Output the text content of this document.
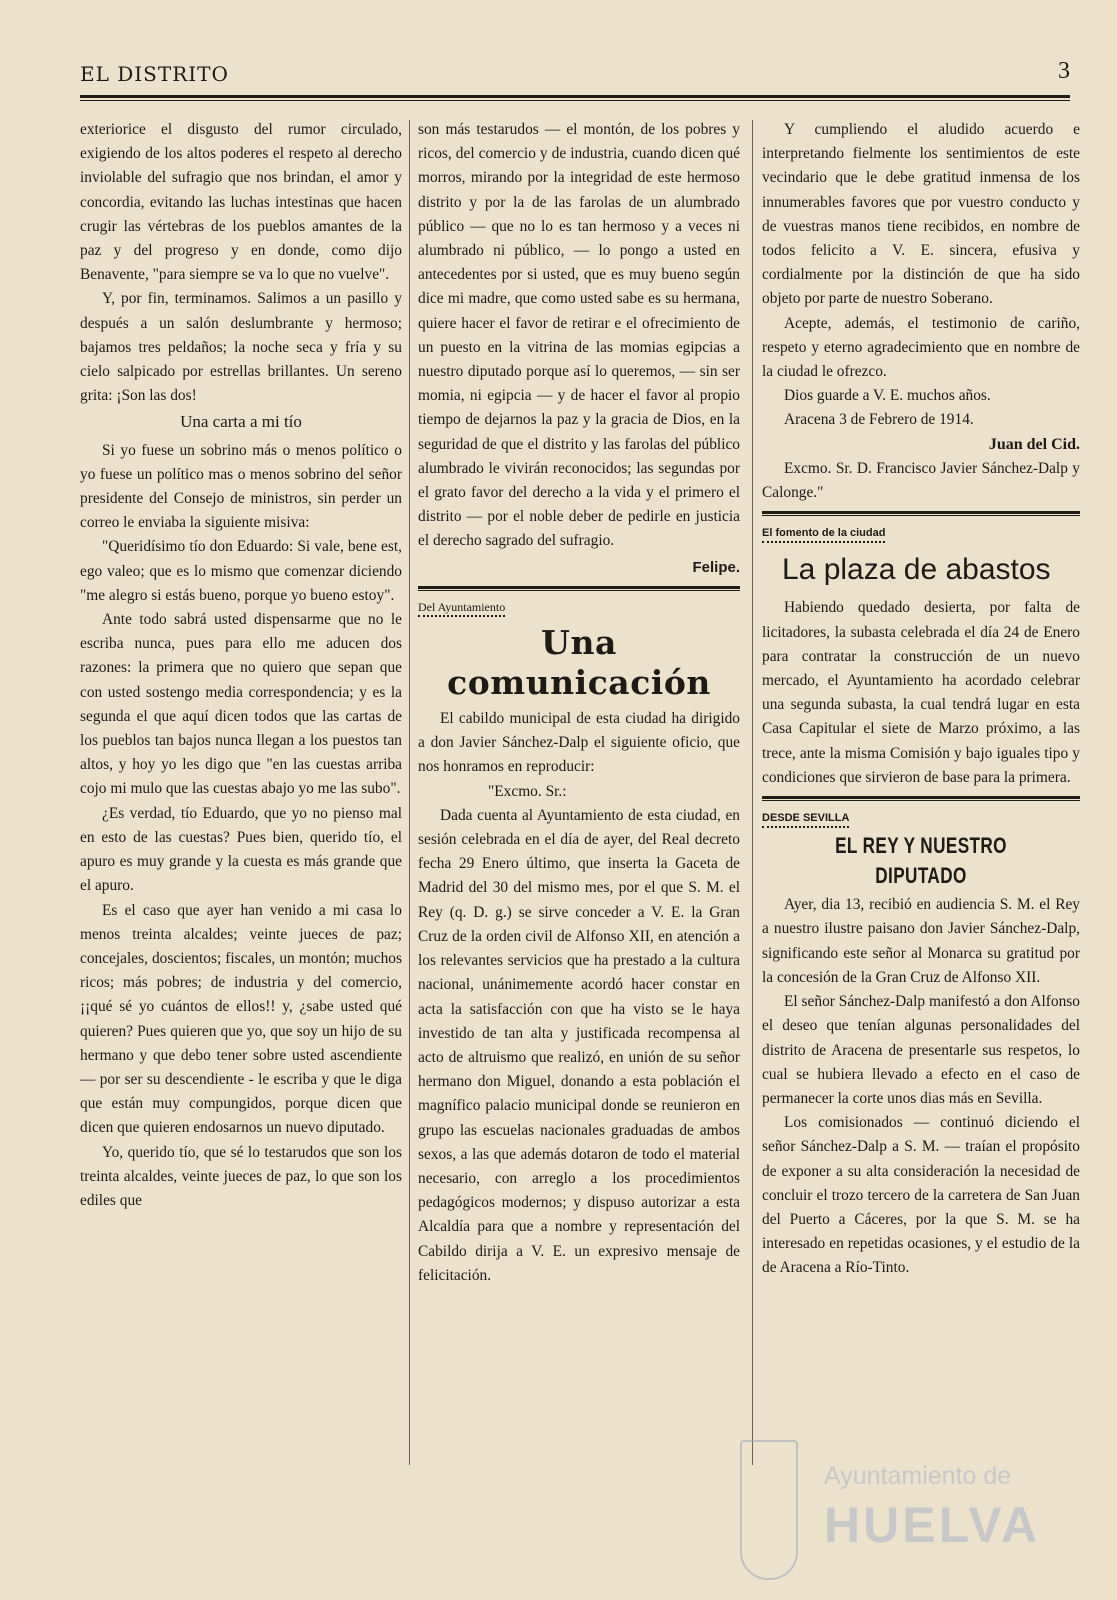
EL DISTRITO	3

exteriorice el disgusto del rumor circulado, exigiendo de los altos poderes el respeto al derecho inviolable del sufragio que nos brindan, el amor y concordia, evitando las luchas intestinas que hacen crugir las vértebras de los pueblos amantes de la paz y del progreso y en donde, como dijo Benavente, "para siempre se va lo que no vuelve".

Y, por fin, terminamos. Salimos a un pasillo y después a un salón deslumbrante y hermoso; bajamos tres peldaños; la noche seca y fría y su cielo salpicado por estrellas brillantes. Un sereno grita: ¡Son las dos!

Una carta a mi tío

Si yo fuese un sobrino más o menos político o yo fuese un político mas o menos sobrino del señor presidente del Consejo de ministros, sin perder un correo le enviaba la siguiente misiva:

"Queridísimo tío don Eduardo: Si vale, bene est, ego valeo; que es lo mismo que comenzar diciendo "me alegro si estás bueno, porque yo bueno estoy".

Ante todo sabrá usted dispensarme que no le escriba nunca, pues para ello me aducen dos razones: la primera que no quiero que sepan que con usted sostengo media correspondencia; y es la segunda el que aquí dicen todos que las cartas de los pueblos tan bajos nunca llegan a los puestos tan altos, y hoy yo les digo que "en las cuestas arriba cojo mi mulo que las cuestas abajo yo me las subo".

¿Es verdad, tío Eduardo, que yo no pienso mal en esto de las cuestas? Pues bien, querido tío, el apuro es muy grande y la cuesta es más grande que el apuro.

Es el caso que ayer han venido a mi casa lo menos treinta alcaldes; veinte jueces de paz; concejales, doscientos; fiscales, un montón; muchos ricos; más pobres; de industria y del comercio, ¡¡qué sé yo cuántos de ellos!! y, ¿sabe usted qué quieren? Pues quieren que yo, que soy un hijo de su hermano y que debo tener sobre usted ascendiente — por ser su descendiente - le escriba y que le diga que están muy compungidos, porque dicen que dicen que quieren endosarnos un nuevo diputado.

Yo, querido tío, que sé lo testarudos que son los treinta alcaldes, veinte jueces de paz, lo que son los ediles que

son más testarudos — el montón, de los pobres y ricos, del comercio y de industria, cuando dicen qué morros, mirando por la integridad de este hermoso distrito y por la de las farolas de un alumbrado público — que no lo es tan hermoso y a veces ni alumbrado ni público, — lo pongo a usted en antecedentes por si usted, que es muy bueno según dice mi madre, que como usted sabe es su hermana, quiere hacer el favor de retirar e el ofrecimiento de un puesto en la vitrina de las momias egipcias a nuestro diputado porque así lo queremos, — sin ser momia, ni egipcia — y de hacer el favor al propio tiempo de dejarnos la paz y la gracia de Dios, en la seguridad de que el distrito y las farolas del público alumbrado le vivirán reconocidos; las segundas por el grato favor del derecho a la vida y el primero el distrito — por el noble deber de pedirle en justicia el derecho sagrado del sufragio.

Felipe.
Del Ayuntamiento
Una comunicación

El cabildo municipal de esta ciudad ha dirigido a don Javier Sánchez-Dalp el siguiente oficio, que nos honramos en reproducir:

"Excmo. Sr.:

Dada cuenta al Ayuntamiento de esta ciudad, en sesión celebrada en el día de ayer, del Real decreto fecha 29 Enero último, que inserta la Gaceta de Madrid del 30 del mismo mes, por el que S. M. el Rey (q. D. g.) se sirve conceder a V. E. la Gran Cruz de la orden civil de Alfonso XII, en atención a los relevantes servicios que ha prestado a la cultura nacional, unánimemente acordó hacer constar en acta la satisfacción con que ha visto se le haya investido de tan alta y justificada recompensa al acto de altruismo que realizó, en unión de su señor hermano don Miguel, donando a esta población el magnífico palacio municipal donde se reunieron en grupo las escuelas nacionales graduadas de ambos sexos, a las que además dotaron de todo el material necesario, con arreglo a los procedimientos pedagógicos modernos; y dispuso autorizar a esta Alcaldía para que a nombre y representación del Cabildo dirija a V. E. un expresivo mensaje de felicitación.

Y cumpliendo el aludido acuerdo e interpretando fielmente los sentimientos de este vecindario que le debe gratitud inmensa de los innumerables favores que por vuestro conducto y de vuestras manos tiene recibidos, en nombre de todos felicito a V. E. sincera, efusiva y cordialmente por la distinción de que ha sido objeto por parte de nuestro Soberano.

Acepte, además, el testimonio de cariño, respeto y eterno agradecimiento que en nombre de la ciudad le ofrezco.

Dios guarde a V. E. muchos años.

Aracena 3 de Febrero de 1914.

Juan del Cid.

Excmo. Sr. D. Francisco Javier Sánchez-Dalp y Calonge."

El fomento de la ciudad
La plaza de abastos

Habiendo quedado desierta, por falta de licitadores, la subasta celebrada el día 24 de Enero para contratar la construcción de un nuevo mercado, el Ayuntamiento ha acordado celebrar una segunda subasta, la cual tendrá lugar en esta Casa Capitular el siete de Marzo próximo, a las trece, ante la misma Comisión y bajo iguales tipo y condiciones que sirvieron de base para la primera.

DESDE SEVILLA
EL REY Y NUESTRO DIPUTADO

Ayer, dia 13, recibió en audiencia S. M. el Rey a nuestro ilustre paisano don Javier Sánchez-Dalp, significando este señor al Monarca su gratitud por la concesión de la Gran Cruz de Alfonso XII.

El señor Sánchez-Dalp manifestó a don Alfonso el deseo que tenían algunas personalidades del distrito de Aracena de presentarle sus respetos, lo cual se hubiera llevado a efecto en el caso de permanecer la corte unos dias más en Sevilla.

Los comisionados — continuó diciendo el señor Sánchez-Dalp a S. M. — traían el propósito de exponer a su alta consideración la necesidad de concluir el trozo tercero de la carretera de San Juan del Puerto a Cáceres, por la que S. M. se ha interesado en repetidas ocasiones, y el estudio de la de Aracena a Río-Tinto.

Ayuntamiento de
HUELVA
